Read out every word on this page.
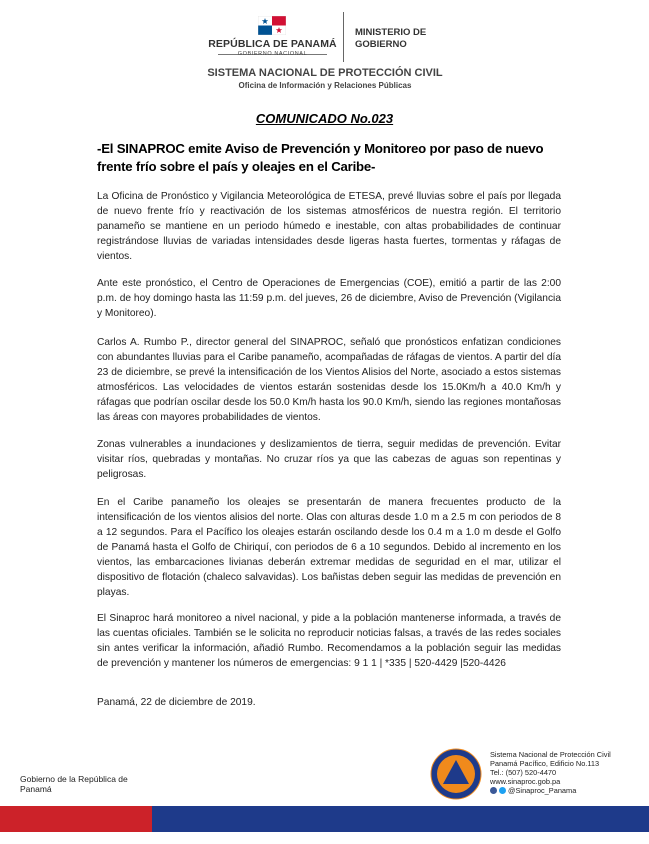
REPÚBLICA DE PANAMÁ
GOBIERNO NACIONAL
MINISTERIO DE GOBIERNO
SISTEMA NACIONAL DE PROTECCIÓN CIVIL
Oficina de Información y Relaciones Públicas
COMUNICADO No.023
-El SINAPROC emite Aviso de Prevención y Monitoreo por paso de nuevo frente frío sobre el país y oleajes en el Caribe-
La Oficina de Pronóstico y Vigilancia Meteorológica de ETESA, prevé lluvias sobre el país por llegada de nuevo frente frío y reactivación de los sistemas atmosféricos de nuestra región. El territorio panameño se mantiene en un periodo húmedo e inestable, con altas probabilidades de continuar registrándose lluvias de variadas intensidades desde ligeras hasta fuertes, tormentas y ráfagas de vientos.
Ante este pronóstico, el Centro de Operaciones de Emergencias (COE), emitió a partir de las 2:00 p.m. de hoy domingo hasta las 11:59 p.m. del jueves, 26 de diciembre, Aviso de Prevención (Vigilancia y Monitoreo).
Carlos A. Rumbo P., director general del SINAPROC, señaló que pronósticos enfatizan condiciones con abundantes lluvias para el Caribe panameño, acompañadas de ráfagas de vientos. A partir del día 23 de diciembre, se prevé la intensificación de los Vientos Alisios del Norte, asociado a estos sistemas atmosféricos. Las velocidades de vientos estarán sostenidas desde los 15.0Km/h a 40.0 Km/h y ráfagas que podrían oscilar desde los 50.0 Km/h hasta los 90.0 Km/h, siendo las regiones montañosas las áreas con mayores probabilidades de vientos.
Zonas vulnerables a inundaciones y deslizamientos de tierra, seguir medidas de prevención. Evitar visitar ríos, quebradas y montañas. No cruzar ríos ya que las cabezas de aguas son repentinas y peligrosas.
En el Caribe panameño los oleajes se presentarán de manera frecuentes producto de la intensificación de los vientos alisios del norte. Olas con alturas desde 1.0 m a 2.5 m con periodos de 8 a 12 segundos. Para el Pacífico los oleajes estarán oscilando desde los 0.4 m a 1.0 m desde el Golfo de Panamá hasta el Golfo de Chiriquí, con periodos de 6 a 10 segundos. Debido al incremento en los vientos, las embarcaciones livianas deberán extremar medidas de seguridad en el mar, utilizar el dispositivo de flotación (chaleco salvavidas). Los bañistas deben seguir las medidas de prevención en playas.
El Sinaproc hará monitoreo a nivel nacional, y pide a la población mantenerse informada, a través de las cuentas oficiales. También se le solicita no reproducir noticias falsas, a través de las redes sociales sin antes verificar la información, añadió Rumbo. Recomendamos a la población seguir las medidas de prevención y mantener los números de emergencias: 9 1 1 | *335 | 520-4429 |520-4426
Panamá, 22 de diciembre de 2019.
Gobierno de la República de Panamá
Sistema Nacional de Protección Civil
Panamá Pacífico, Edificio No.113
Tel.: (507) 520-4470
www.sinaproc.gob.pa
@Sinaproc_Panama
